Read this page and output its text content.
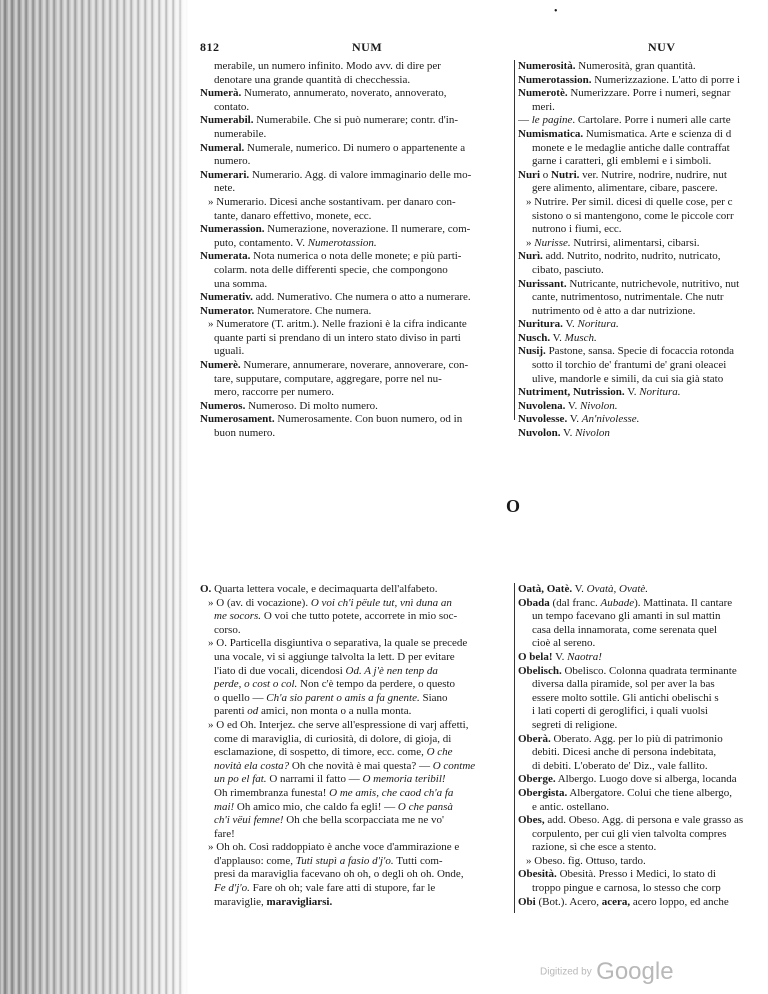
•
812	NUM	NUV
merabile, un numero infinito. Modo avv. di dire per
denotare una grande quantità di checchessia.
Numerà. Numerato, annumerato, noverato, annoverato,
contato.
Numerabil. Numerabile. Che si può numerare; contr. d'in-
numerabile.
Numeral. Numerale, numerico. Di numero o appartenente a
numero.
Numerari. Numerario. Agg. di valore immaginario delle mo-
nete.
» Numerario. Dicesi anche sostantivam. per danaro con-
tante, danaro effettivo, monete, ecc.
Numerassion. Numerazione, noverazione. Il numerare, com-
puto, contamento. V. Numerotassion.
Numerata. Nota numerica o nota delle monete; e più parti-
colarm. nota delle differenti specie, che compongono
una somma.
Numerativ. add. Numerativo. Che numera o atto a numerare.
Numerator. Numeratore. Che numera.
» Numeratore (T. aritm.). Nelle frazioni è la cifra indicante
quante parti si prendano di un intero stato diviso in parti
uguali.
Numerè. Numerare, annumerare, noverare, annoverare, con-
tare, supputare, computare, aggregare, porre nel nu-
mero, raccorre per numero.
Numeros. Numeroso. Di molto numero.
Numerosament. Numerosamente. Con buon numero, od in
buon numero.
Numerosità. Numerosità, gran quantità.
Numerotassion. Numerizzazione. L'atto di porre i
Numerotè. Numerizzare. Porre i numeri, segnar
meri.
— le pagine. Cartolare. Porre i numeri alle carte
Numismatica. Numismatica. Arte e scienza di d
monete e le medaglie antiche dalle contraffat
garne i caratteri, gli emblemi e i simboli.
Nuri o Nutri. ver. Nutrire, nodrire, nudrire, nut
gere alimento, alimentare, cibare, pascere.
» Nutrire. Per simil. dicesi di quelle cose, per c
sistono o si mantengono, come le piccole corr
nutrono i fiumi, ecc.
» Nurisse. Nutrirsi, alimentarsi, cibarsi.
Nurì. add. Nutrito, nodrito, nudrito, nutricato,
cibato, pasciuto.
Nurissant. Nutricante, nutrichevole, nutritivo, nut
cante, nutrimentoso, nutrimentale. Che nutr
nutrimento od è atto a dar nutrizione.
Nuritura. V. Noritura.
Nusch. V. Musch.
Nusij. Pastone, sansa. Specie di focaccia rotonda
sotto il torchio de' frantumi de' grani oleacei
ulive, mandorle e simili, da cui sia già stato
Nutriment, Nutrission. V. Noritura.
Nuvolena. V. Nivolon.
Nuvolesse. V. An'nivolesse.
Nuvolon. V. Nivolon
O
O. Quarta lettera vocale, e decimaquarta dell'alfabeto.
» O (av. di vocazione). O voi ch'i pëule tut, vnì duna an
me socors. O voi che tutto potete, accorrete in mio soc-
corso.
» O. Particella disgiuntiva o separativa, la quale se precede
una vocale, vi si aggiunge talvolta la lett. D per evitare
l'iato di due vocali, dicendosi Od. A j'è nen tenp da
perde, o cost o col. Non c'è tempo da perdere, o questo
o quello — Ch'a sio parent o amis a fa gnente. Siano
parenti od amici, non monta o a nulla monta.
» O ed Oh. Interjez. che serve all'espressione di varj affetti,
come di maraviglia, di curiosità, di dolore, di gioja, di
esclamazione, di sospetto, di timore, ecc. come, O che
novità ela costa? Oh che novità è mai questa? — O contme
un po el fat. O narrami il fatto — O memoria teribil!
Oh rimembranza funesta! O me amis, che caod ch'a fa
mai! Oh amico mio, che caldo fa egli! — O che pansà
ch'i vëui femne! Oh che bella scorpacciata me ne vo'
fare!
» Oh oh. Così raddoppiato è anche voce d'ammirazione e
d'applauso: come, Tuti stupì a fasio d'j'o. Tutti com-
presi da maraviglia facevano oh oh, o degli oh oh. Onde,
Fe d'j'o. Fare oh oh; vale fare atti di stupore, far le
maraviglie, maravigliarsi.
Oatà, Oatè. V. Ovatà, Ovatè.
Obada (dal franc. Aubade). Mattinata. Il cantare
un tempo facevano gli amanti in sul mattin
casa della innamorata, come serenata quel
cioè al sereno.
O bela! V. Naotra!
Obelisch. Obelisco. Colonna quadrata terminante
diversa dalla piramide, sol per aver la bas
essere molto sottile. Gli antichi obelischi s
i lati coperti di geroglifici, i quali vuolsi
segreti di religione.
Oberà. Oberato. Agg. per lo più di patrimonio
debiti. Dicesi anche di persona indebitata,
di debiti. L'oberato de' Diz., vale fallito.
Oberge. Albergo. Luogo dove si alberga, locanda
Obergista. Albergatore. Colui che tiene albergo,
e antic. ostellano.
Obes, add. Obeso. Agg. di persona e vale grasso as
corpulento, per cui gli vien talvolta compres
razione, sì che esce a stento.
» Obeso. fig. Ottuso, tardo.
Obesità. Obesità. Presso i Medici, lo stato di
troppo pingue e carnosa, lo stesso che corp
Obi (Bot.). Acero, acera, acero loppo, ed anche
Digitized by Google
